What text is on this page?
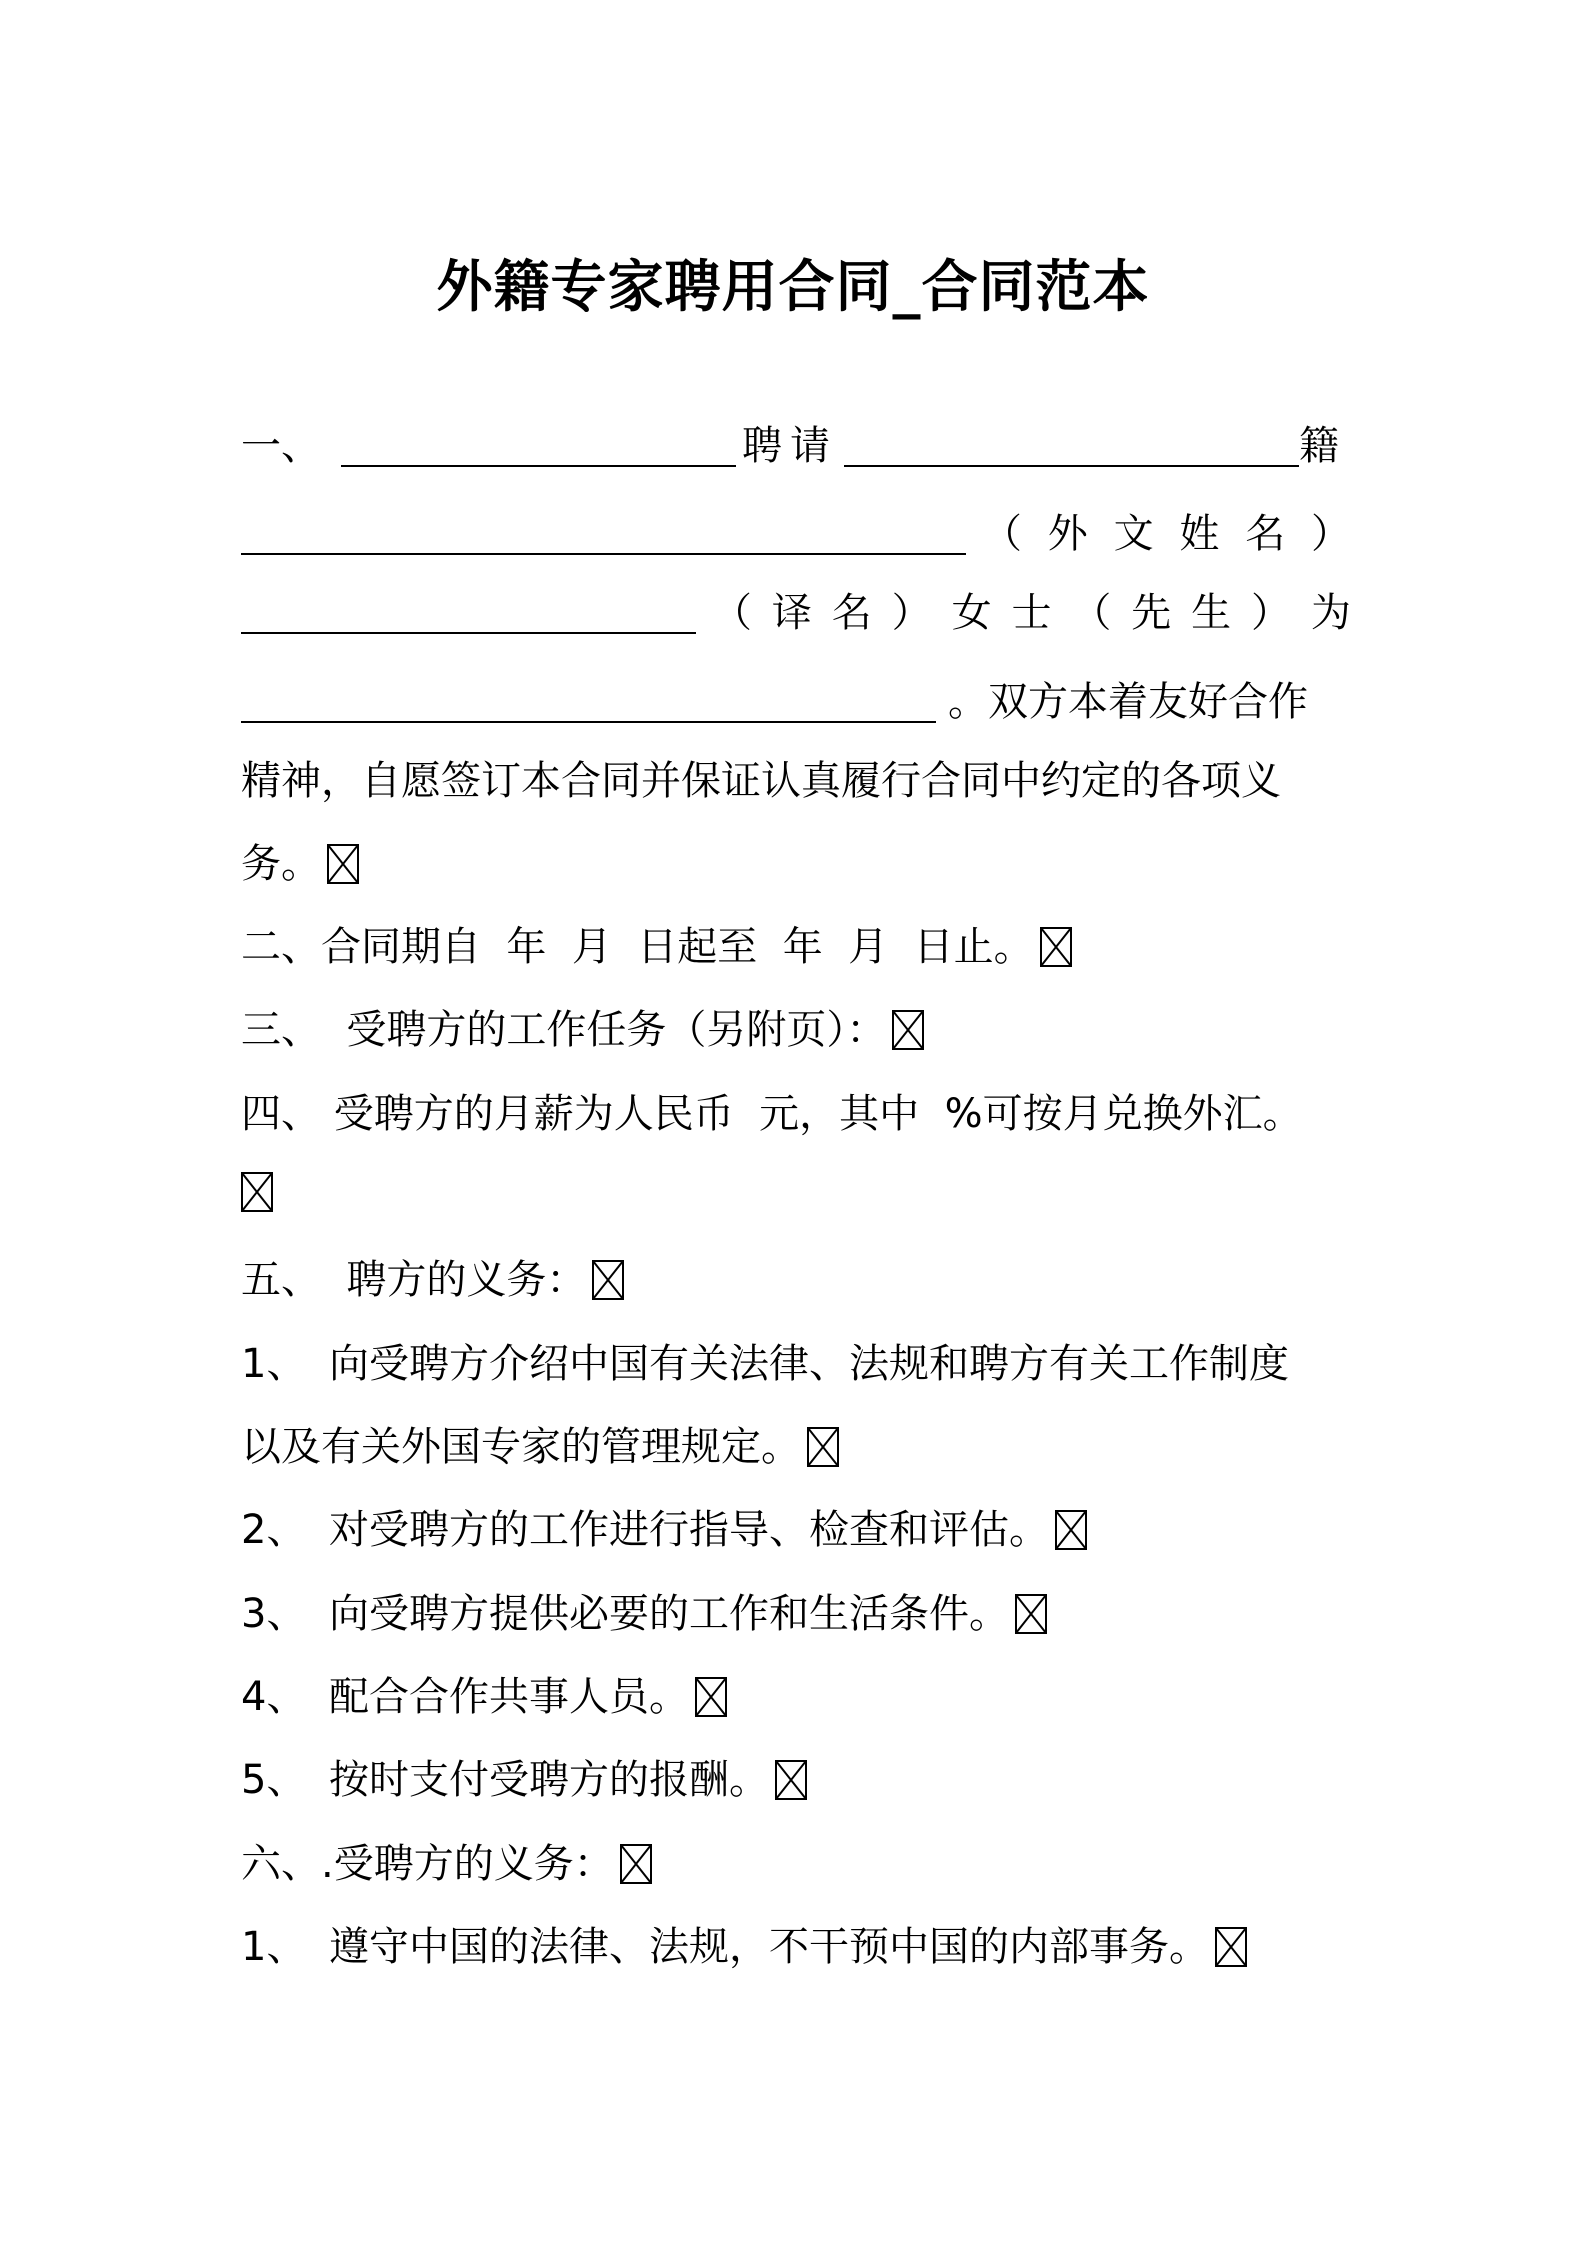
外籍专家聘用合同_合同范本
一、	聘请	籍
（ 外 文 姓 名 ）
（ 译 名 ） 女 士 （ 先 生 ） 为
。双方本着友好合作
精神，自愿签订本合同并保证认真履行合同中约定的各项义
务。
二、合同期自  年  月  日起至  年  月  日止。
三、  受聘方的工作任务（另附页）：
四、 受聘方的月薪为人民币  元，其中  %可按月兑换外汇。
五、  聘方的义务：
1、 向受聘方介绍中国有关法律、法规和聘方有关工作制度
以及有关外国专家的管理规定。
2、 对受聘方的工作进行指导、检查和评估。
3、 向受聘方提供必要的工作和生活条件。
4、 配合合作共事人员。
5、 按时支付受聘方的报酬。
六、.受聘方的义务：
1、 遵守中国的法律、法规，不干预中国的内部事务。
